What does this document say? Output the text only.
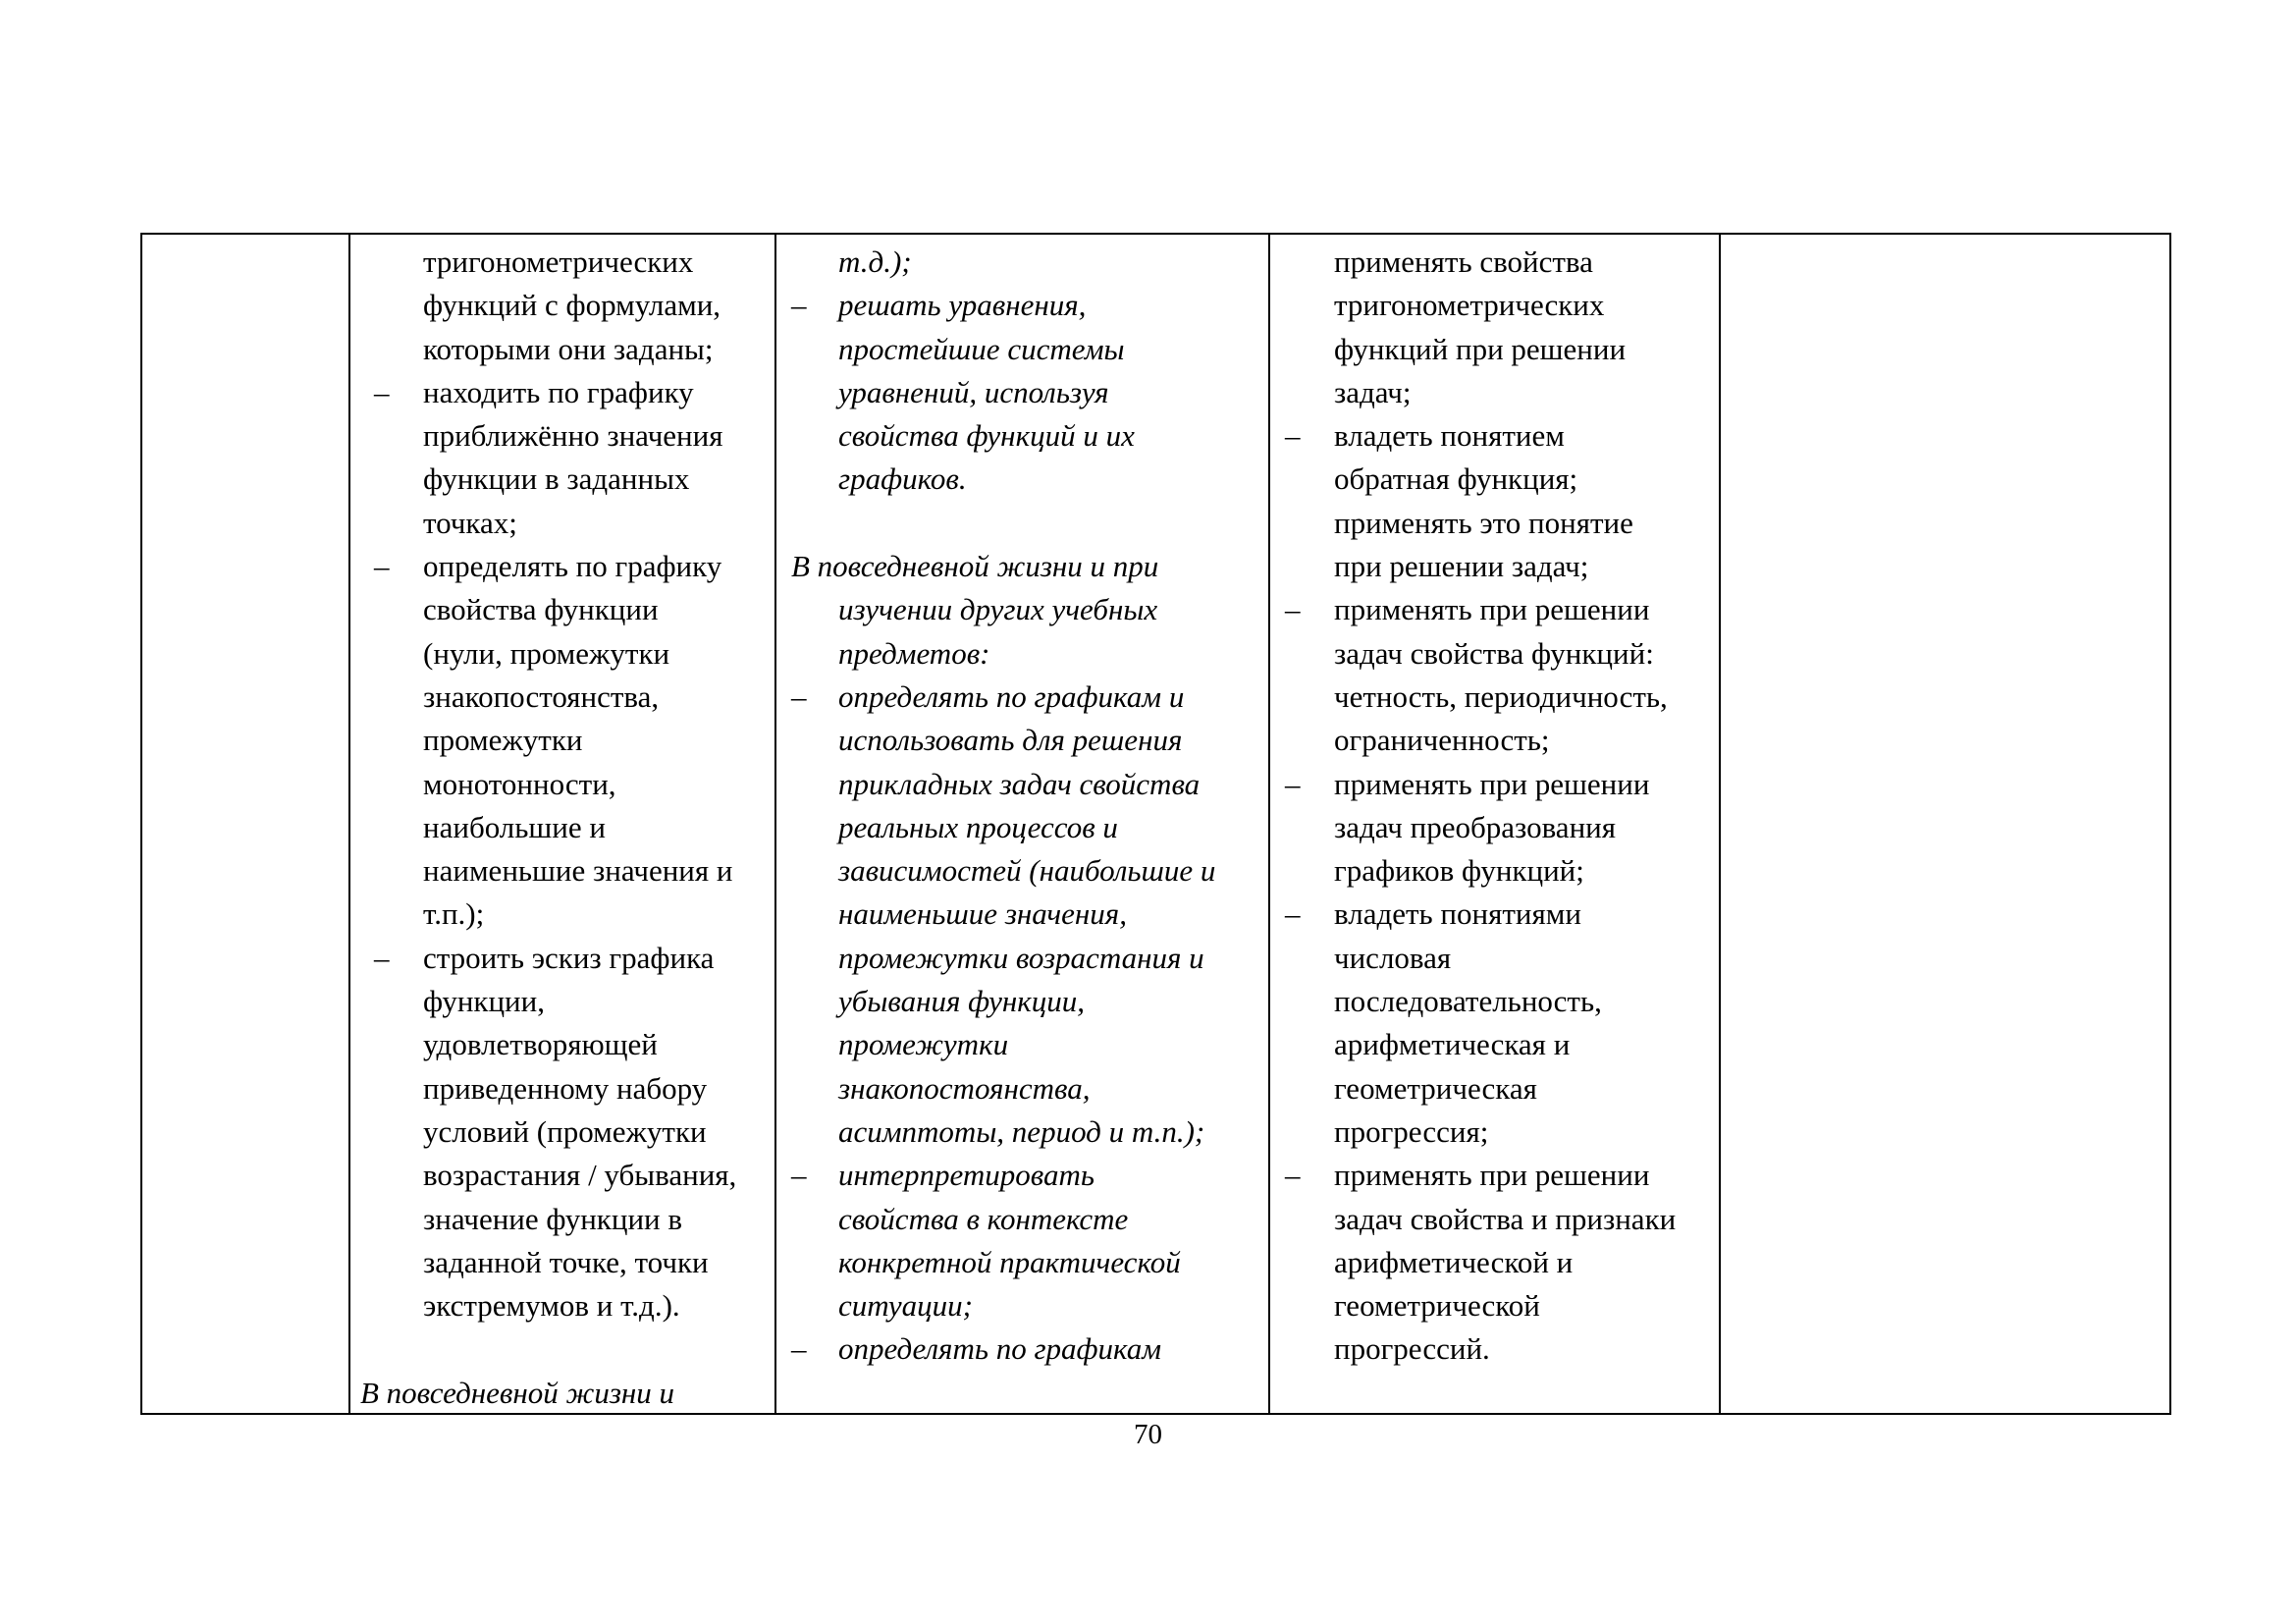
тригонометрических
функций с формулами,
которыми они заданы;
– находить по графику
приближённо значения
функции в заданных
точках;
– определять по графику
свойства функции
(нули, промежутки
знакопостоянства,
промежутки
монотонности,
наибольшие и
наименьшие значения и
т.п.);
– строить эскиз графика
функции,
удовлетворяющей
приведенному набору
условий (промежутки
возрастания / убывания,
значение функции в
заданной точке, точки
экстремумов и т.д.).
В повседневной жизни и
т.д.);
– решать уравнения,
простейшие системы
уравнений, используя
свойства функций и их
графиков.
В повседневной жизни и при
изучении других учебных
предметов:
– определять по графикам и
использовать для решения
прикладных задач свойства
реальных процессов и
зависимостей (наибольшие и
наименьшие значения,
промежутки возрастания и
убывания функции,
промежутки
знакопостоянства,
асимптоты, период и т.п.);
– интерпретировать
свойства в контексте
конкретной практической
ситуации;
– определять по графикам
применять свойства
тригонометрических
функций при решении
задач;
– владеть понятием
обратная функция;
применять это понятие
при решении задач;
– применять при решении
задач свойства функций:
четность, периодичность,
ограниченность;
– применять при решении
задач преобразования
графиков функций;
– владеть понятиями
числовая
последовательность,
арифметическая и
геометрическая
прогрессия;
– применять при решении
задач свойства и признаки
арифметической и
геометрической
прогрессий.
70
